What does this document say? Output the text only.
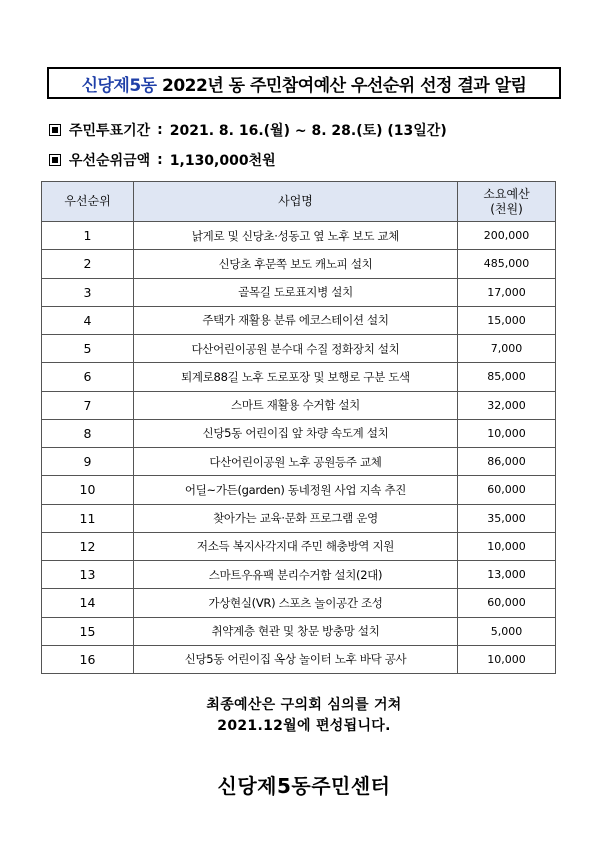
신당제5동 2022년 동 주민참여예산 우선순위 선정 결과 알림
주민투표기간 : 2021. 8. 16.(월) ~ 8. 28.(토) (13일간)
우선순위금액 : 1,130,000천원
우선순위	사업명	소요예산
(천원)
1	낡게로 및 신당초·성동고 옆 노후 보도 교체	200,000
2	신당초 후문쪽 보도 캐노피 설치	485,000
3	골목길 도로표지병 설치	17,000
4	주택가 재활용 분류 에코스테이션 설치	15,000
5	다산어린이공원 분수대 수질 정화장치 설치	7,000
6	퇴계로88길 노후 도로포장 및 보행로 구분 도색	85,000
7	스마트 재활용 수거함 설치	32,000
8	신당5동 어린이집 앞 차량 속도계 설치	10,000
9	다산어린이공원 노후 공원등주 교체	86,000
10	어딜~가든(garden) 동네정원 사업 지속 추진	60,000
11	찾아가는 교육·문화 프로그램 운영	35,000
12	저소득 복지사각지대 주민 해충방역 지원	10,000
13	스마트우유팩 분리수거함 설치(2대)	13,000
14	가상현실(VR) 스포츠 놀이공간 조성	60,000
15	취약계층 현관 및 창문 방충망 설치	5,000
16	신당5동 어린이집 옥상 놀이터 노후 바닥 공사	10,000
최종예산은 구의회 심의를 거쳐
2021.12월에 편성됩니다.
신당제5동주민센터
